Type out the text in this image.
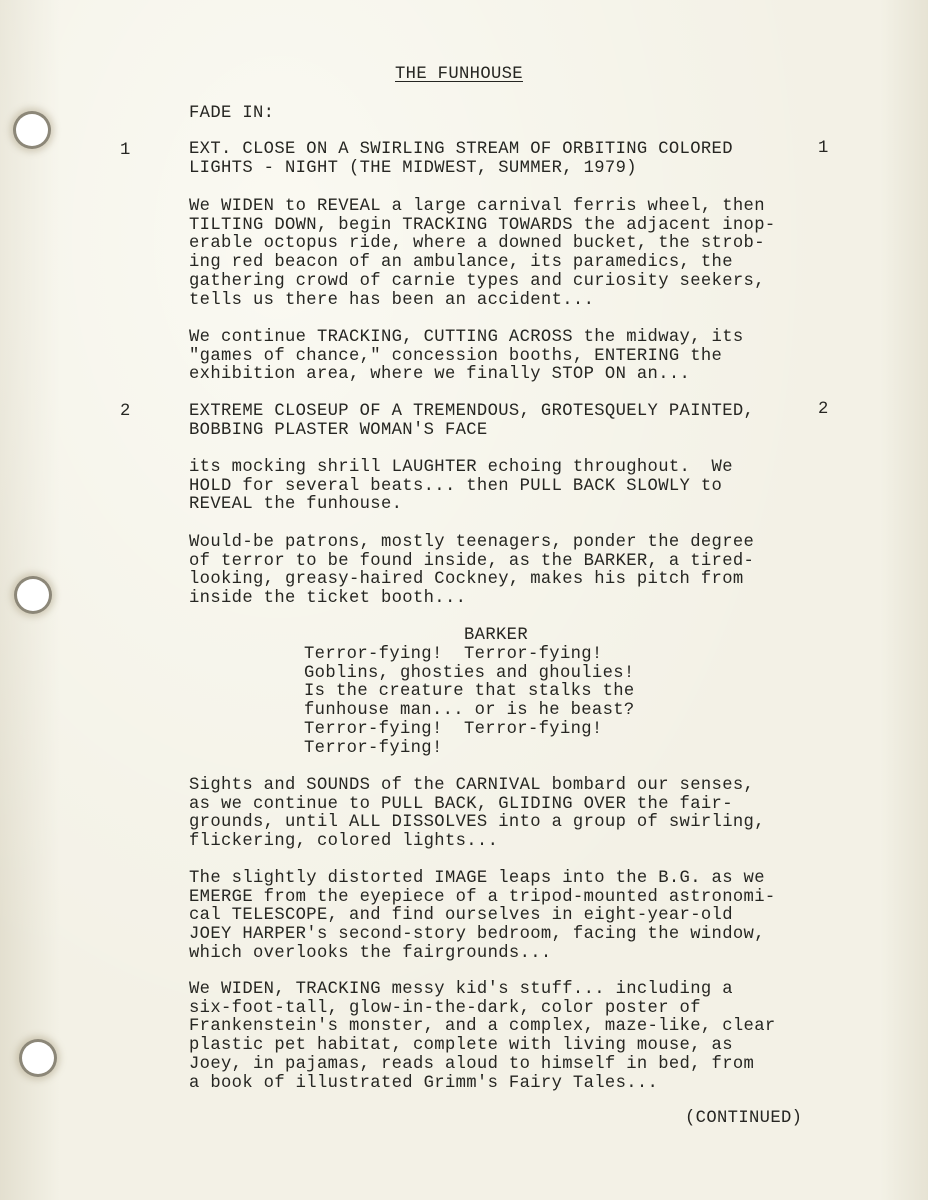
THE FUNHOUSE

FADE IN:

1	1

EXT. CLOSE ON A SWIRLING STREAM OF ORBITING COLORED

LIGHTS - NIGHT (THE MIDWEST, SUMMER, 1979)

We WIDEN to REVEAL a large carnival ferris wheel, then

TILTING DOWN, begin TRACKING TOWARDS the adjacent inop-

erable octopus ride, where a downed bucket, the strob-

ing red beacon of an ambulance, its paramedics, the

gathering crowd of carnie types and curiosity seekers,

tells us there has been an accident...

We continue TRACKING, CUTTING ACROSS the midway, its

"games of chance," concession booths, ENTERING the

exhibition area, where we finally STOP ON an...

2	2

EXTREME CLOSEUP OF A TREMENDOUS, GROTESQUELY PAINTED,

BOBBING PLASTER WOMAN'S FACE

its mocking shrill LAUGHTER echoing throughout.  We

HOLD for several beats... then PULL BACK SLOWLY to

REVEAL the funhouse.

Would-be patrons, mostly teenagers, ponder the degree

of terror to be found inside, as the BARKER, a tired-

looking, greasy-haired Cockney, makes his pitch from

inside the ticket booth...

BARKER

Terror-fying!  Terror-fying!

Goblins, ghosties and ghoulies!

Is the creature that stalks the

funhouse man... or is he beast?

Terror-fying!  Terror-fying!

Terror-fying!

Sights and SOUNDS of the CARNIVAL bombard our senses,

as we continue to PULL BACK, GLIDING OVER the fair-

grounds, until ALL DISSOLVES into a group of swirling,

flickering, colored lights...

The slightly distorted IMAGE leaps into the B.G. as we

EMERGE from the eyepiece of a tripod-mounted astronomi-

cal TELESCOPE, and find ourselves in eight-year-old

JOEY HARPER's second-story bedroom, facing the window,

which overlooks the fairgrounds...

We WIDEN, TRACKING messy kid's stuff... including a

six-foot-tall, glow-in-the-dark, color poster of

Frankenstein's monster, and a complex, maze-like, clear

plastic pet habitat, complete with living mouse, as

Joey, in pajamas, reads aloud to himself in bed, from

a book of illustrated Grimm's Fairy Tales...

(CONTINUED)
